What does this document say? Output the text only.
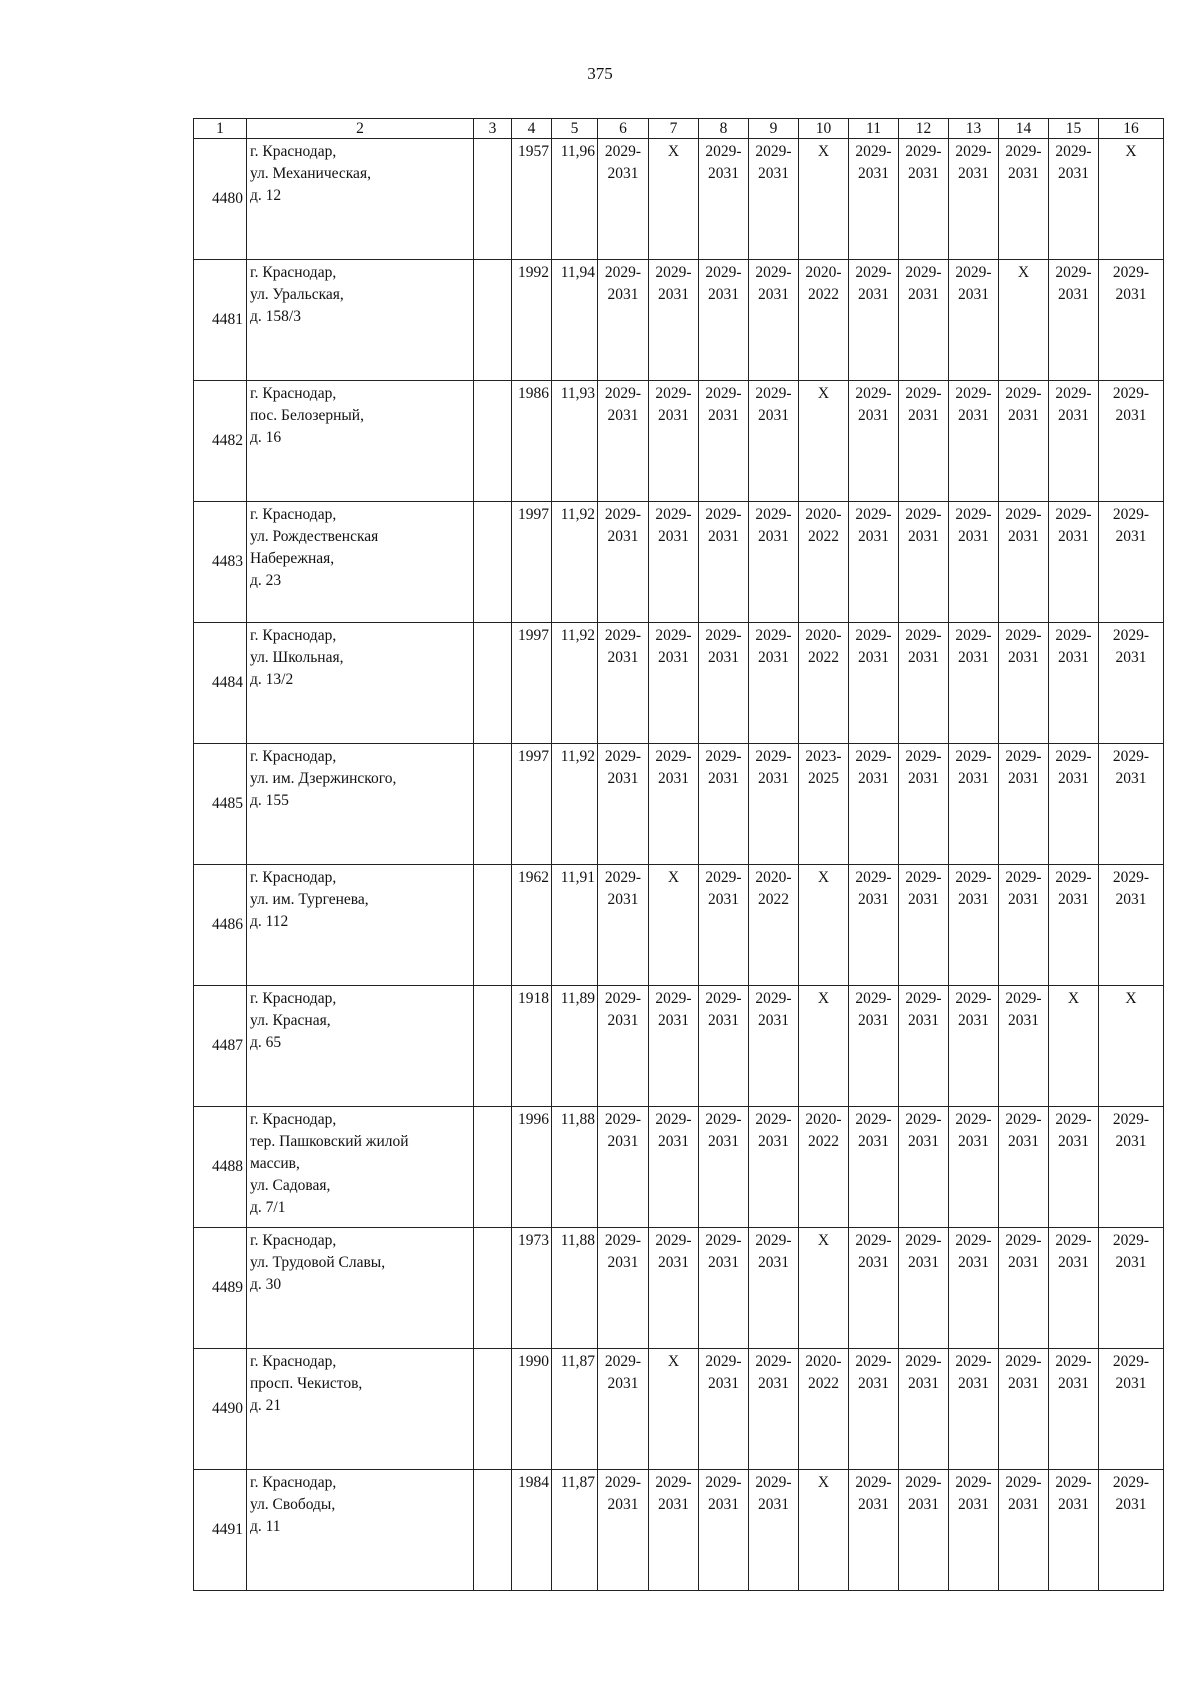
375
1	2	3	4	5	6	7	8	9	10	11	12	13	14	15	16
4480	г. Краснодар,
ул. Механическая,
д. 12		1957	11,96	2029-
2031	X	2029-
2031	2029-
2031	X	2029-
2031	2029-
2031	2029-
2031	2029-
2031	2029-
2031	X
4481	г. Краснодар,
ул. Уральская,
д. 158/3		1992	11,94	2029-
2031	2029-
2031	2029-
2031	2029-
2031	2020-
2022	2029-
2031	2029-
2031	2029-
2031	X	2029-
2031	2029-
2031

4482	г. Краснодар,
пос. Белозерный,
д. 16		1986	11,93	2029-
2031	2029-
2031	2029-
2031	2029-
2031	X	2029-
2031	2029-
2031	2029-
2031	2029-
2031	2029-
2031	2029-
2031

4483	г. Краснодар,
ул. Рождественская
Набережная,
д. 23		1997	11,92	2029-
2031	2029-
2031	2029-
2031	2029-
2031	2020-
2022	2029-
2031	2029-
2031	2029-
2031	2029-
2031	2029-
2031	2029-
2031

4484	г. Краснодар,
ул. Школьная,
д. 13/2		1997	11,92	2029-
2031	2029-
2031	2029-
2031	2029-
2031	2020-
2022	2029-
2031	2029-
2031	2029-
2031	2029-
2031	2029-
2031	2029-
2031

4485	г. Краснодар,
ул. им. Дзержинского,
д. 155		1997	11,92	2029-
2031	2029-
2031	2029-
2031	2029-
2031	2023-
2025	2029-
2031	2029-
2031	2029-
2031	2029-
2031	2029-
2031	2029-
2031

4486	г. Краснодар,
ул. им. Тургенева,
д. 112		1962	11,91	2029-
2031	X	2029-
2031	2020-
2022	X	2029-
2031	2029-
2031	2029-
2031	2029-
2031	2029-
2031	2029-
2031

4487	г. Краснодар,
ул. Красная,
д. 65		1918	11,89	2029-
2031	2029-
2031	2029-
2031	2029-
2031	X	2029-
2031	2029-
2031	2029-
2031	2029-
2031	X	X
4488	г. Краснодар,
тер. Пашковский жилой
массив,
ул. Садовая,
д. 7/1		1996	11,88	2029-
2031	2029-
2031	2029-
2031	2029-
2031	2020-
2022	2029-
2031	2029-
2031	2029-
2031	2029-
2031	2029-
2031	2029-
2031

4489	г. Краснодар,
ул. Трудовой Славы,
д. 30		1973	11,88	2029-
2031	2029-
2031	2029-
2031	2029-
2031	X	2029-
2031	2029-
2031	2029-
2031	2029-
2031	2029-
2031	2029-
2031

4490	г. Краснодар,
просп. Чекистов,
д. 21		1990	11,87	2029-
2031	X	2029-
2031	2029-
2031	2020-
2022	2029-
2031	2029-
2031	2029-
2031	2029-
2031	2029-
2031	2029-
2031

4491	г. Краснодар,
ул. Свободы,
д. 11		1984	11,87	2029-
2031	2029-
2031	2029-
2031	2029-
2031	X	2029-
2031	2029-
2031	2029-
2031	2029-
2031	2029-
2031	2029-
2031
